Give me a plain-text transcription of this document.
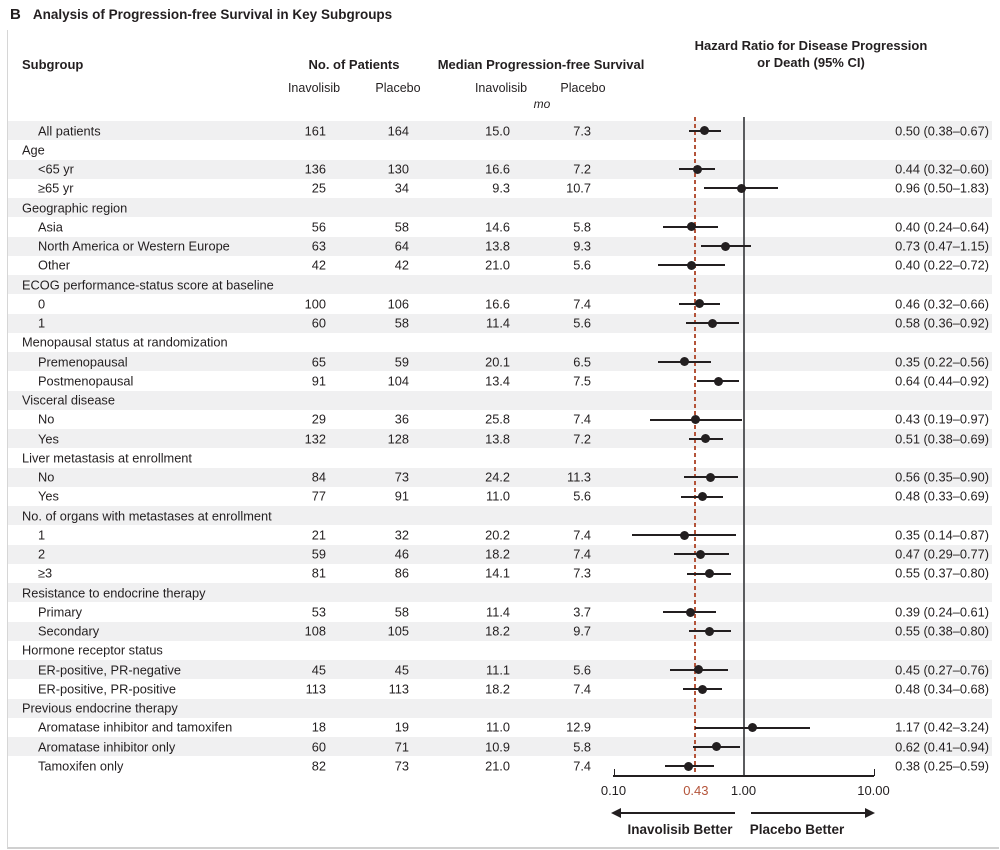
B Analysis of Progression-free Survival in Key Subgroups
Subgroup	No. of Patients	Median Progression-free Survival
Hazard Ratio for Disease Progression
or Death (95% CI)
Inavolisib	Placebo	Inavolisib	Placebo
mo
All patients	161	164	15.0	7.3	0.50 (0.38–0.67)
Age
<65 yr	136	130	16.6	7.2	0.44 (0.32–0.60)
≥65 yr	25	34	9.3	10.7	0.96 (0.50–1.83)
Geographic region
Asia	56	58	14.6	5.8	0.40 (0.24–0.64)
North America or Western Europe	63	64	13.8	9.3	0.73 (0.47–1.15)
Other	42	42	21.0	5.6	0.40 (0.22–0.72)
ECOG performance-status score at baseline
0	100	106	16.6	7.4	0.46 (0.32–0.66)
1	60	58	11.4	5.6	0.58 (0.36–0.92)
Menopausal status at randomization
Premenopausal	65	59	20.1	6.5	0.35 (0.22–0.56)
Postmenopausal	91	104	13.4	7.5	0.64 (0.44–0.92)
Visceral disease
No	29	36	25.8	7.4	0.43 (0.19–0.97)
Yes	132	128	13.8	7.2	0.51 (0.38–0.69)
Liver metastasis at enrollment
No	84	73	24.2	11.3	0.56 (0.35–0.90)
Yes	77	91	11.0	5.6	0.48 (0.33–0.69)
No. of organs with metastases at enrollment
1	21	32	20.2	7.4	0.35 (0.14–0.87)
2	59	46	18.2	7.4	0.47 (0.29–0.77)
≥3	81	86	14.1	7.3	0.55 (0.37–0.80)
Resistance to endocrine therapy
Primary	53	58	11.4	3.7	0.39 (0.24–0.61)
Secondary	108	105	18.2	9.7	0.55 (0.38–0.80)
Hormone receptor status
ER-positive, PR-negative	45	45	11.1	5.6	0.45 (0.27–0.76)
ER-positive, PR-positive	113	113	18.2	7.4	0.48 (0.34–0.68)
Previous endocrine therapy
Aromatase inhibitor and tamoxifen	18	19	11.0	12.9	1.17 (0.42–3.24)
Aromatase inhibitor only	60	71	10.9	5.8	0.62 (0.41–0.94)
Tamoxifen only	82	73	21.0	7.4	0.38 (0.25–0.59)
0.10	0.43	1.00	10.00
Inavolisib Better	Placebo Better
